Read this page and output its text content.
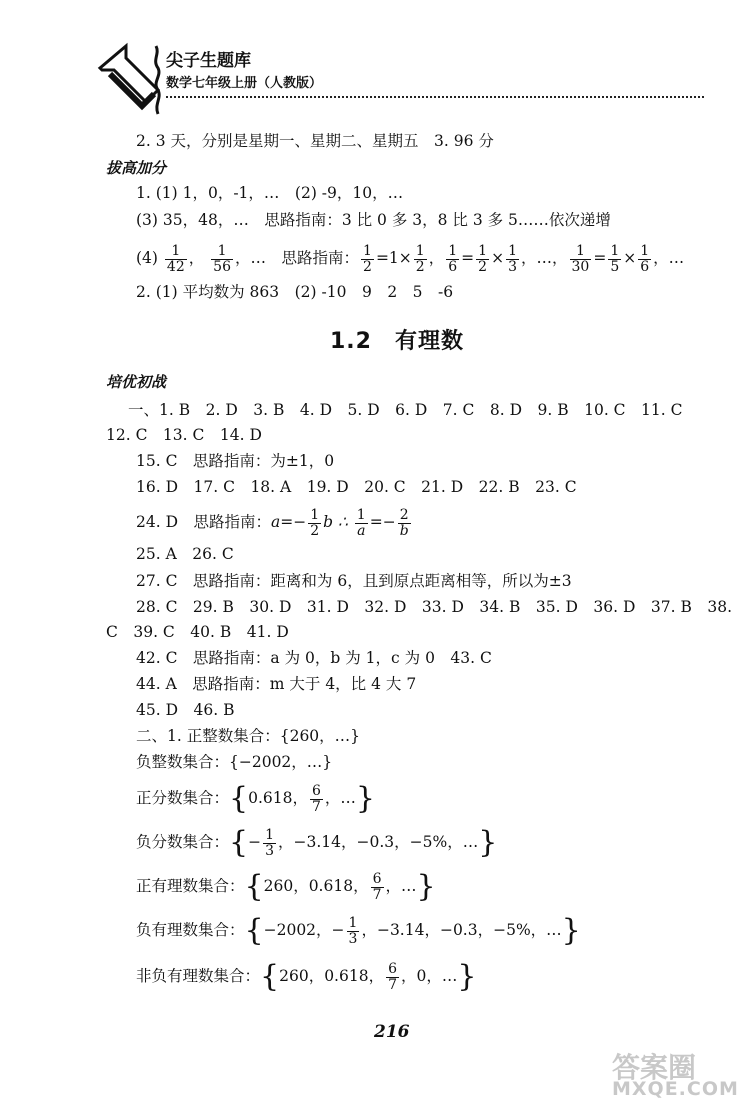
尖子生题库
数学七年级上册（人教版）
2. 3 天，分别是星期一、星期二、星期五　3. 96 分
拔高加分
1. (1) 1，0，-1，…　(2) -9，10，…
(3) 35，48，…　思路指南：3 比 0 多 3，8 比 3 多 5……依次递增
$(4) \frac{1}{42}$ ， $\frac{1}{56}$ ，…　思路指南： $\frac{1}{2} =1\times \frac{1}{2}$ ， $\frac{1}{6} = \frac{1}{2} \times \frac{1}{3}$ ，…， $\frac{1}{30} = \frac{1}{5} \times \frac{1}{6}$ ，…
2. (1) 平均数为 863　(2) -10　9　2　5　-6
1.2　有理数
培优初战
一、1. B　2. D　3. B　4. D　5. D　6. D　7. C　8. D　9. B　10. C　11. C
12. C　13. C　14. D
15. C　思路指南：为±1，0
16. D　17. C　18. A　19. D　20. C　21. D　22. B　23. C
24. D　思路指南：$a=- \frac{1}{2}$ b ∴ $\frac{1}{a} =- \frac{2}{b}$
25. A　26. C
27. C　思路指南：距离和为 6，且到原点距离相等，所以为±3
28. C　29. B　30. D　31. D　32. D　33. D　34. B　35. D　36. D　37. B　38.
C　39. C　40. B　41. D
42. C　思路指南：a 为 0，b 为 1，c 为 0　43. C
44. A　思路指南：m 大于 4，比 4 大 7
45. D　46. B
二、1. 正整数集合：{260，…}
负整数集合：{−2002，…}
正分数集合：{0.618， $\frac{6}{7}$ ，…}
负分数集合：{− $\frac{1}{3}$ ，−3.14，−0.3，−5%，…}
正有理数集合：{260，0.618， $\frac{6}{7}$ ，…}
负有理数集合：{−2002，− $\frac{1}{3}$ ，−3.14，−0.3，−5%，…}
非负有理数集合：{260，0.618， $\frac{6}{7}$ ，0，…}
216
答案圈
MXQE.COM
